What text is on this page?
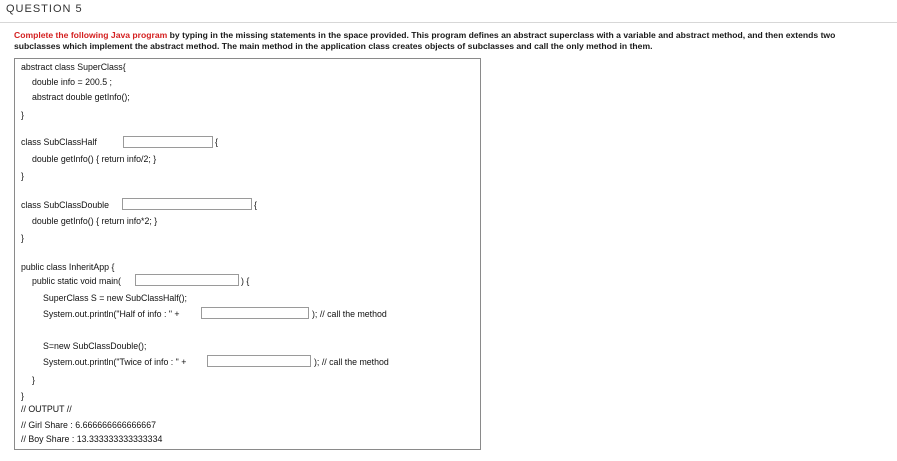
QUESTION 5
Complete the following Java program by typing in the missing statements in the space provided. This program defines an abstract superclass with a variable and abstract method, and then extends two subclasses which implement the abstract method. The main method in the application class creates objects of subclasses and call the only method in them.
abstract class SuperClass{
double info = 200.5 ;
abstract double getInfo();
}
class SubClassHalf	{
double getInfo() { return info/2; }
}
class SubClassDouble	{
double getInfo() { return info*2; }
}
public class InheritApp {
public static void main(	) {
SuperClass S = new SubClassHalf();
System.out.println("Half of info : " +	); // call the method
S=new SubClassDouble();
System.out.println("Twice of info : " +	); // call the method
}
}
// OUTPUT //
// Girl Share : 6.666666666666667
// Boy Share : 13.333333333333334
